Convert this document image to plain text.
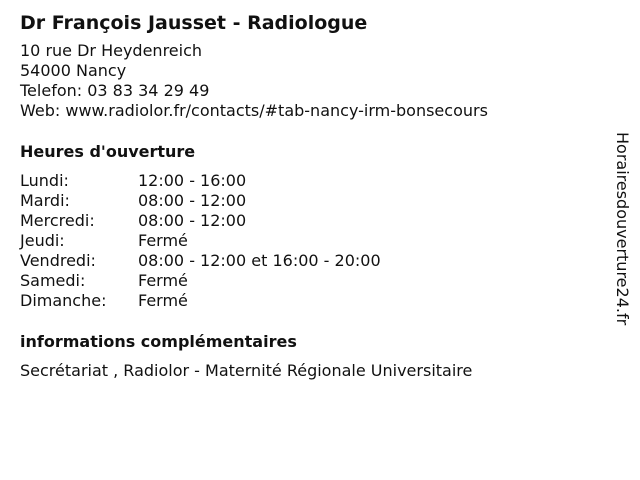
Dr François Jausset - Radiologue
10 rue Dr Heydenreich
54000 Nancy
Telefon: 03 83 34 29 49
Web: www.radiolor.fr/contacts/#tab-nancy-irm-bonsecours
Heures d'ouverture
Lundi:	12:00 - 16:00
Mardi:	08:00 - 12:00
Mercredi:	08:00 - 12:00
Jeudi:	Fermé
Vendredi:	08:00 - 12:00 et 16:00 - 20:00
Samedi:	Fermé
Dimanche:	Fermé
informations complémentaires
Secrétariat , Radiolor - Maternité Régionale Universitaire
Horairesdouverture24.fr
